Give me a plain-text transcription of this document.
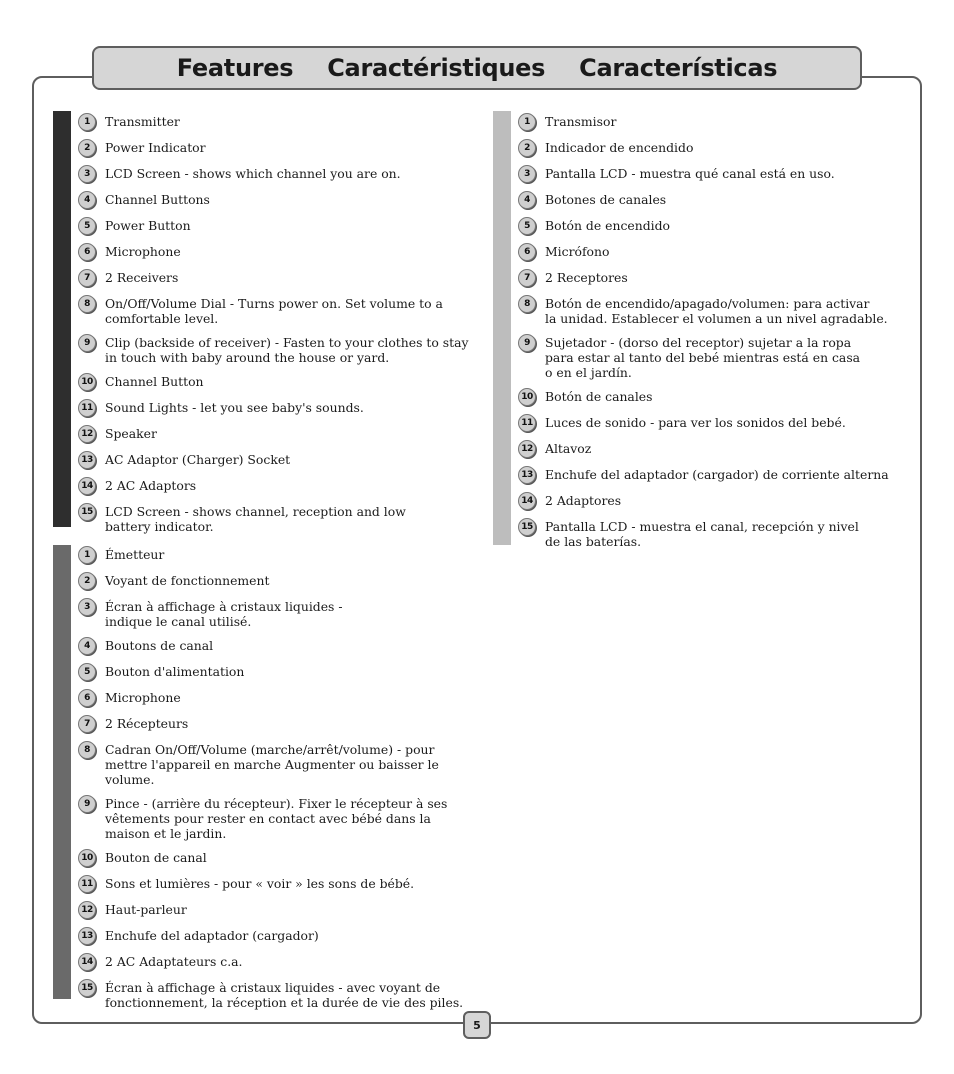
Features Caractéristiques Características
1	Transmitter
2	Power Indicator
3	LCD Screen - shows which channel you are on.
4	Channel Buttons
5	Power Button
6	Microphone
7	2 Receivers
8	On/Off/Volume Dial - Turns power on. Set volume to a
comfortable level.
9	Clip (backside of receiver) - Fasten to your clothes to stay
in touch with baby around the house or yard.
10 Channel Button
11 Sound Lights - let you see baby's sounds.
12 Speaker
13 AC Adaptor (Charger) Socket
14 2 AC Adaptors
15 LCD Screen - shows channel, reception and low
battery indicator.
1	Émetteur
2	Voyant de fonctionnement
3	Écran à affichage à cristaux liquides -
indique le canal utilisé.
4	Boutons de canal
5	Bouton d'alimentation
6	Microphone
7	2 Récepteurs
8	Cadran On/Off/Volume (marche/arrêt/volume) - pour
mettre l'appareil en marche Augmenter ou baisser le volume.
9	Pince - (arrière du récepteur). Fixer le récepteur à ses
vêtements pour rester en contact avec bébé dans la
maison et le jardin.
10 Bouton de canal
11 Sons et lumières - pour « voir » les sons de bébé.
12 Haut-parleur
13 Enchufe del adaptador (cargador)
14 2 AC Adaptateurs c.a.
15 Écran à affichage à cristaux liquides - avec voyant de
fonctionnement, la réception et la durée de vie des piles.
1	Transmisor
2	Indicador de encendido
3	Pantalla LCD - muestra qué canal está en uso.
4	Botones de canales
5	Botón de encendido
6	Micrófono
7	2 Receptores
8	Botón de encendido/apagado/volumen: para activar
la unidad. Establecer el volumen a un nivel agradable.
9	Sujetador - (dorso del receptor) sujetar a la ropa
para estar al tanto del bebé mientras está en casa
o en el jardín.
10 Botón de canales
11 Luces de sonido - para ver los sonidos del bebé.
12 Altavoz
13 Enchufe del adaptador (cargador) de corriente alterna
14 2 Adaptores
15 Pantalla LCD - muestra el canal, recepción y nivel
de las baterías.
5
